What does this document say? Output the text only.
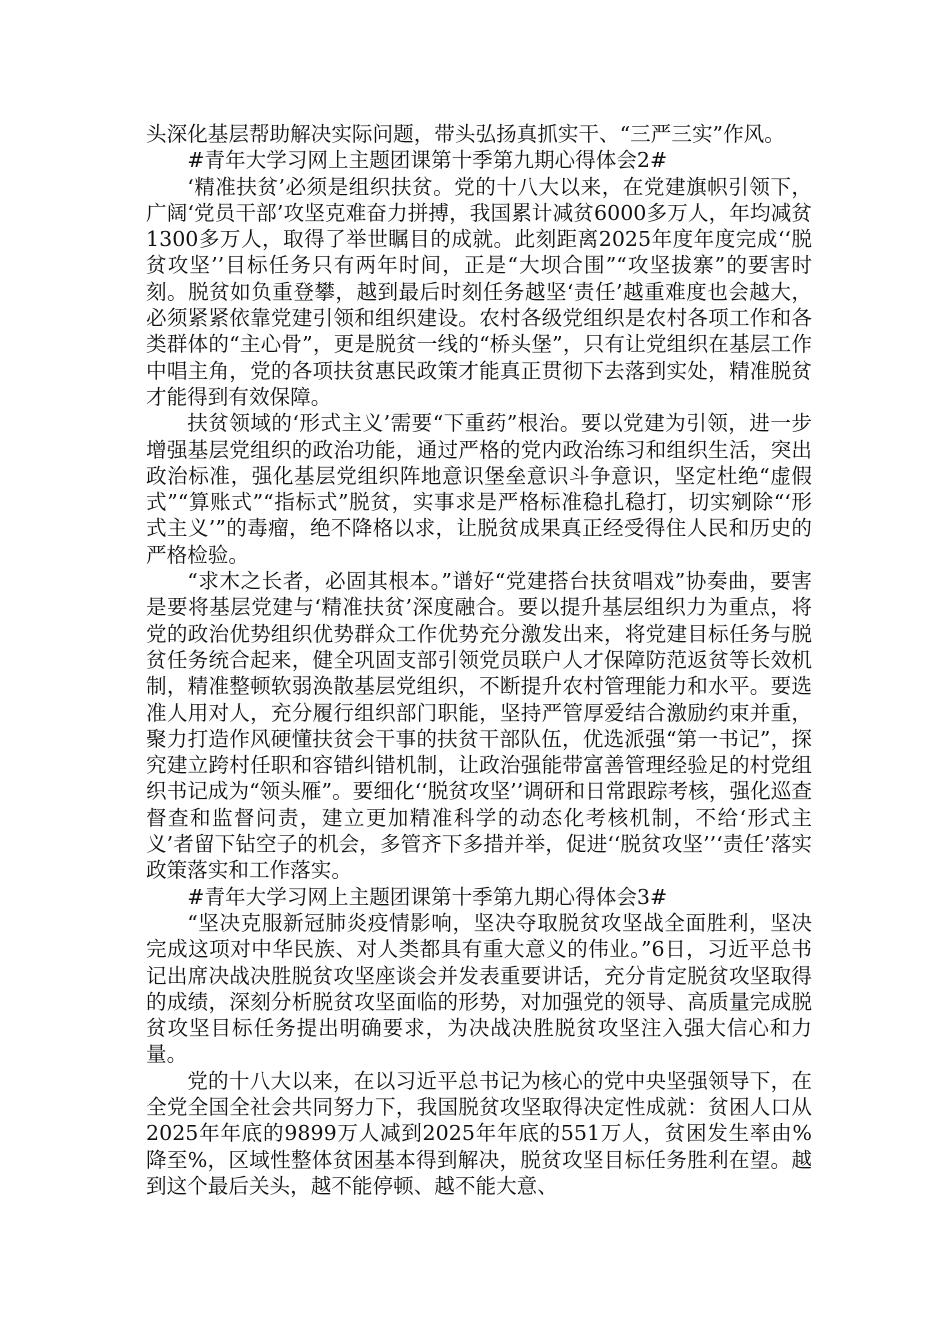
头深化基层帮助解决实际问题，带头弘扬真抓实干、“三严三实”作风。

#青年大学习网上主题团课第十季第九期心得体会2#

‘精准扶贫’必须是组织扶贫。党的十八大以来，在党建旗帜引领下，广阔‘党员干部’攻坚克难奋力拼搏，我国累计减贫6000多万人，年均减贫1300多万人，取得了举世瞩目的成就。此刻距离2025年度年度完成‘‘脱贫攻坚’’目标任务只有两年时间，正是“大坝合围”“攻坚拔寨”的要害时刻。脱贫如负重登攀，越到最后时刻任务越坚‘责任’越重难度也会越大，必须紧紧依靠党建引领和组织建设。农村各级党组织是农村各项工作和各类群体的“主心骨”，更是脱贫一线的“桥头堡”，只有让党组织在基层工作中唱主角，党的各项扶贫惠民政策才能真正贯彻下去落到实处，精准脱贫才能得到有效保障。

扶贫领域的‘形式主义’需要“下重药”根治。要以党建为引领，进一步增强基层党组织的政治功能，通过严格的党内政治练习和组织生活，突出政治标准，强化基层党组织阵地意识堡垒意识斗争意识，坚定杜绝“虚假式”“算账式”“指标式”脱贫，实事求是严格标准稳扎稳打，切实剜除“‘形式主义’”的毒瘤，绝不降格以求，让脱贫成果真正经受得住人民和历史的严格检验。

“求木之长者，必固其根本。”谱好“党建搭台扶贫唱戏”协奏曲，要害是要将基层党建与‘精准扶贫’深度融合。要以提升基层组织力为重点，将党的政治优势组织优势群众工作优势充分激发出来，将党建目标任务与脱贫任务统合起来，健全巩固支部引领党员联户人才保障防范返贫等长效机制，精准整顿软弱涣散基层党组织，不断提升农村管理能力和水平。要选准人用对人，充分履行组织部门职能，坚持严管厚爱结合激励约束并重，聚力打造作风硬懂扶贫会干事的扶贫干部队伍，优选派强“第一书记”，探究建立跨村任职和容错纠错机制，让政治强能带富善管理经验足的村党组织书记成为“领头雁”。要细化‘‘脱贫攻坚’’调研和日常跟踪考核，强化巡查督查和监督问责，建立更加精准科学的动态化考核机制，不给‘形式主义’者留下钻空子的机会，多管齐下多措并举，促进‘‘脱贫攻坚’’‘责任’落实政策落实和工作落实。

#青年大学习网上主题团课第十季第九期心得体会3#

“坚决克服新冠肺炎疫情影响，坚决夺取脱贫攻坚战全面胜利，坚决完成这项对中华民族、对人类都具有重大意义的伟业。”6日，习近平总书记出席决战决胜脱贫攻坚座谈会并发表重要讲话，充分肯定脱贫攻坚取得的成绩，深刻分析脱贫攻坚面临的形势，对加强党的领导、高质量完成脱贫攻坚目标任务提出明确要求，为决战决胜脱贫攻坚注入强大信心和力量。

党的十八大以来，在以习近平总书记为核心的党中央坚强领导下，在全党全国全社会共同努力下，我国脱贫攻坚取得决定性成就：贫困人口从2025年年底的9899万人减到2025年年底的551万人，贫困发生率由%降至%，区域性整体贫困基本得到解决，脱贫攻坚目标任务胜利在望。越到这个最后关头，越不能停顿、越不能大意、
